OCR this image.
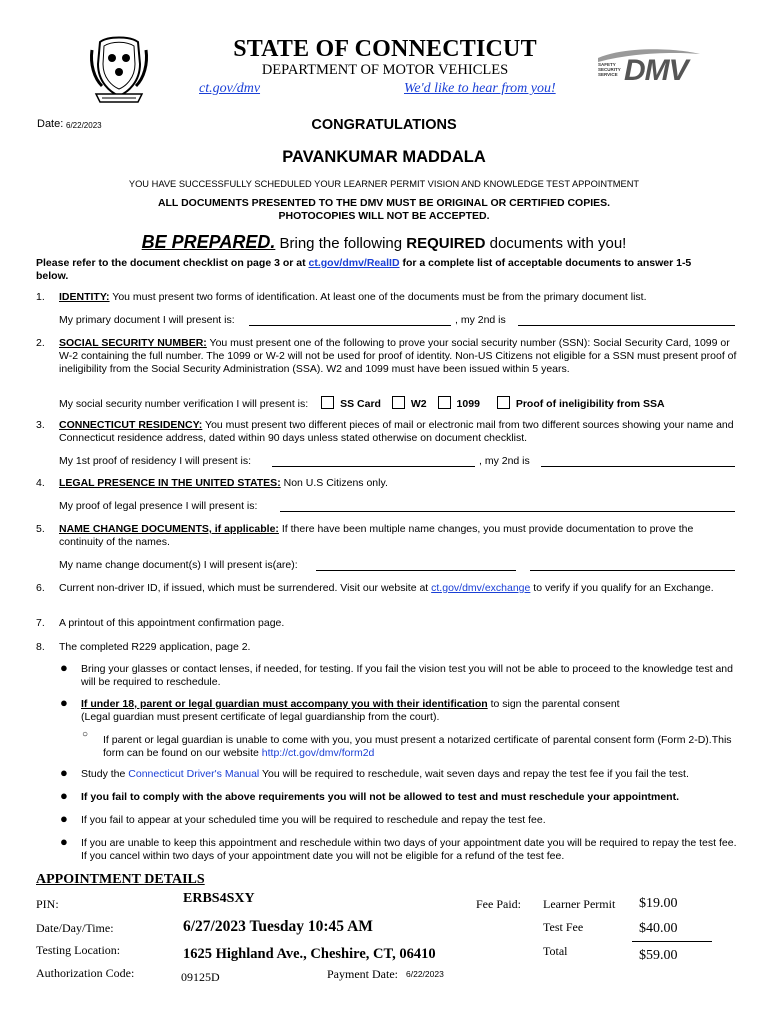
STATE OF CONNECTICUT
DEPARTMENT OF MOTOR VEHICLES
ct.gov/dmv	We'd like to hear from you!
SAFETY
SECURITY
SERVICE DMV
Date: 6/22/2023	CONGRATULATIONS
PAVANKUMAR MADDALA
YOU HAVE SUCCESSFULLY SCHEDULED YOUR LEARNER PERMIT VISION AND KNOWLEDGE TEST APPOINTMENT
ALL DOCUMENTS PRESENTED TO THE DMV MUST BE ORIGINAL OR CERTIFIED COPIES.
PHOTOCOPIES WILL NOT BE ACCEPTED.
BE PREPARED. Bring the following REQUIRED documents with you!
Please refer to the document checklist on page 3 or at ct.gov/dmv/RealID for a complete list of acceptable documents to answer 1-5 below.
1. IDENTITY: You must present two forms of identification. At least one of the documents must be from the primary document list.
My primary document I will present is:	, my 2nd is
2. SOCIAL SECURITY NUMBER: You must present one of the following to prove your social security number (SSN): Social Security Card, 1099 or W-2 containing the full number. The 1099 or W-2 will not be used for proof of identity. Non-US Citizens not eligible for a SSN must present proof of ineligibility from the Social Security Administration (SSA). W2 and 1099 must have been issued within 5 years.
My social security number verification I will present is:	SS Card	W2	1099	Proof of ineligibility from SSA
3. CONNECTICUT RESIDENCY: You must present two different pieces of mail or electronic mail from two different sources showing your name and Connecticut residence address, dated within 90 days unless stated otherwise on document checklist.
My 1st proof of residency I will present is:	, my 2nd is
4. LEGAL PRESENCE IN THE UNITED STATES: Non U.S Citizens only.
My proof of legal presence I will present is:
5. NAME CHANGE DOCUMENTS, if applicable: If there have been multiple name changes, you must provide documentation to prove the continuity of the names.
My name change document(s) I will present is(are):
6. Current non-driver ID, if issued, which must be surrendered. Visit our website at ct.gov/dmv/exchange to verify if you qualify for an Exchange.
7. A printout of this appointment confirmation page.
8. The completed R229 application, page 2.
● Bring your glasses or contact lenses, if needed, for testing. If you fail the vision test you will not be able to proceed to the knowledge test and will be required to reschedule.
● If under 18, parent or legal guardian must accompany you with their identification to sign the parental consent
(Legal guardian must present certificate of legal guardianship from the court).
○ If parent or legal guardian is unable to come with you, you must present a notarized certificate of parental consent form (Form 2-D).This form can be found on our website http://ct.gov/dmv/form2d
● Study the Connecticut Driver's Manual You will be required to reschedule, wait seven days and repay the test fee if you fail the test.
● If you fail to comply with the above requirements you will not be allowed to test and must reschedule your appointment.
● If you fail to appear at your scheduled time you will be required to reschedule and repay the test fee.
● If you are unable to keep this appointment and reschedule within two days of your appointment date you will be required to repay the test fee. If you cancel within two days of your appointment date you will not be eligible for a refund of the test fee.
APPOINTMENT DETAILS
PIN:	ERBS4SXY
Date/Day/Time:	6/27/2023 Tuesday 10:45 AM
Testing Location:	1625 Highland Ave., Cheshire, CT, 06410
Authorization Code:	09125D	Payment Date: 6/22/2023
Fee Paid: Learner Permit $19.00
Test Fee	$40.00
Total	$59.00
